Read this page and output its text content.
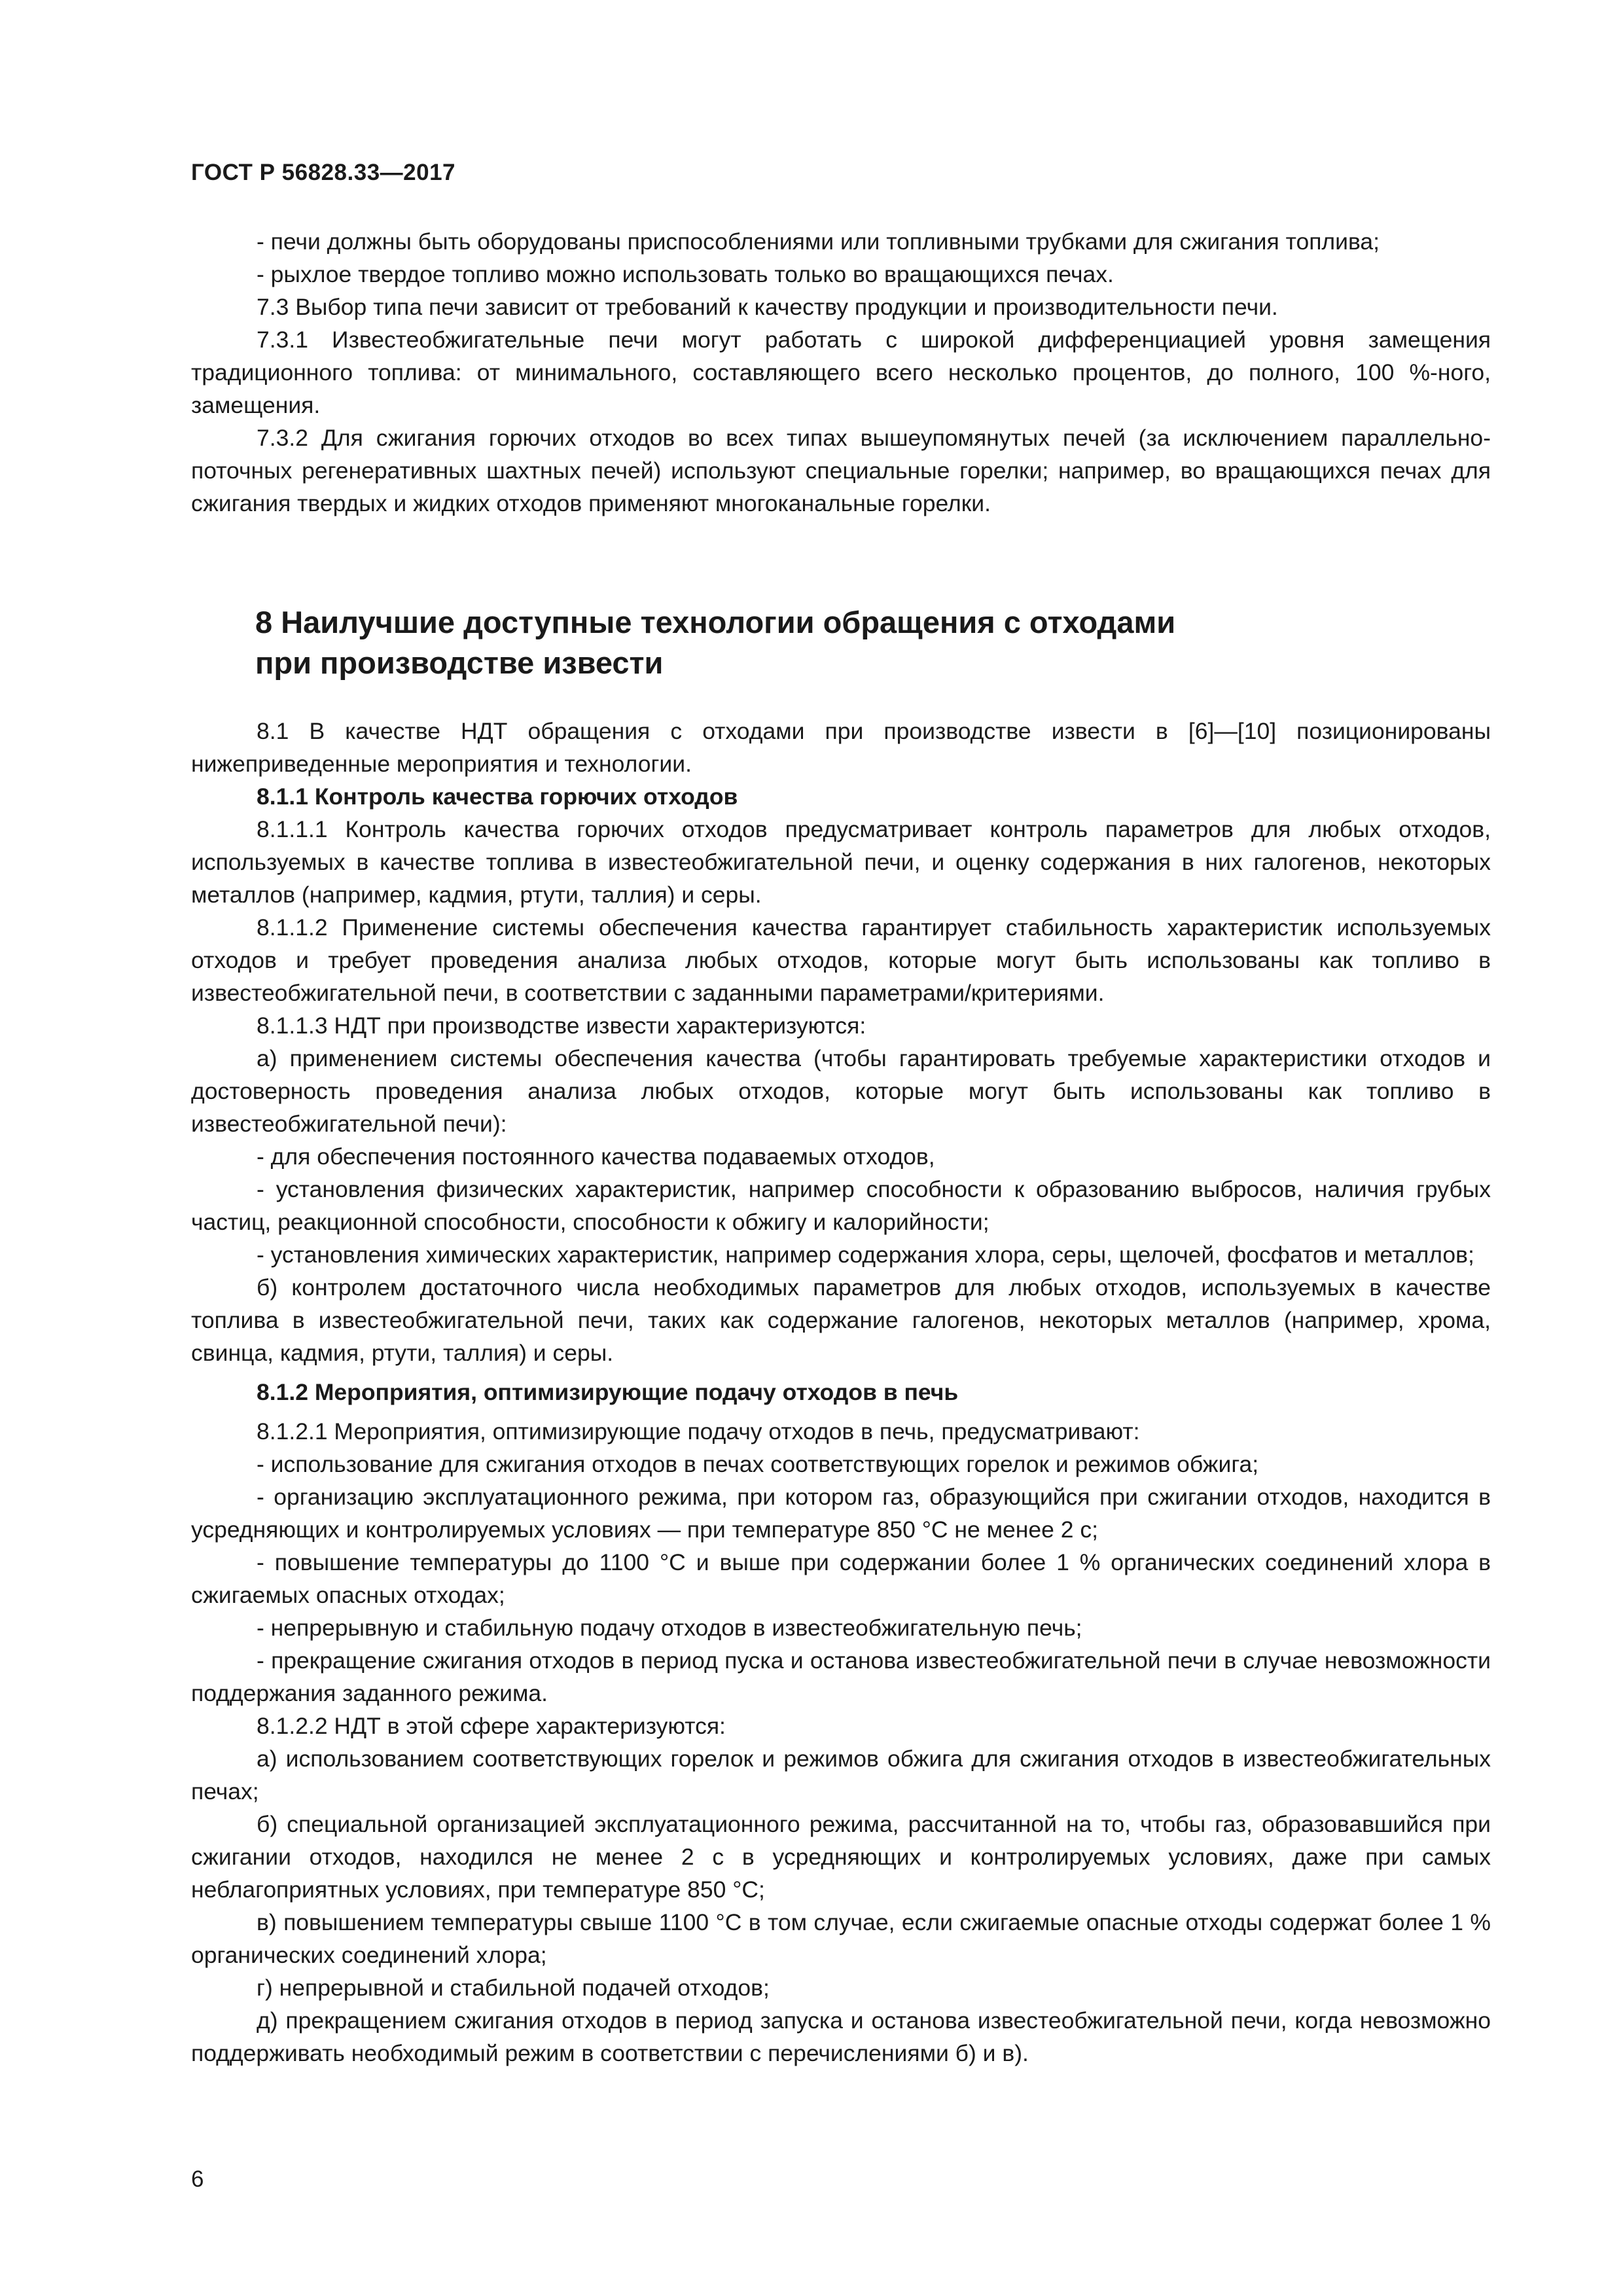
ГОСТ Р 56828.33—2017

- печи должны быть оборудованы приспособлениями или топливными трубками для сжигания топлива;

- рыхлое твердое топливо можно использовать только во вращающихся печах.

7.3 Выбор типа печи зависит от требований к качеству продукции и производительности печи.

7.3.1 Известеобжигательные печи могут работать с широкой дифференциацией уровня замещения традиционного топлива: от минимального, составляющего всего несколько процентов, до полного, 100 %-ного, замещения.

7.3.2 Для сжигания горючих отходов во всех типах вышеупомянутых печей (за исключением параллельно-поточных регенеративных шахтных печей) используют специальные горелки; например, во вращающихся печах для сжигания твердых и жидких отходов применяют многоканальные горелки.

8 Наилучшие доступные технологии обращения с отходами
при производстве извести

8.1 В качестве НДТ обращения с отходами при производстве извести в [6]—[10] позиционированы нижеприведенные мероприятия и технологии.

8.1.1 Контроль качества горючих отходов

8.1.1.1 Контроль качества горючих отходов предусматривает контроль параметров для любых отходов, используемых в качестве топлива в известеобжигательной печи, и оценку содержания в них галогенов, некоторых металлов (например, кадмия, ртути, таллия) и серы.

8.1.1.2 Применение системы обеспечения качества гарантирует стабильность характеристик используемых отходов и требует проведения анализа любых отходов, которые могут быть использованы как топливо в известеобжигательной печи, в соответствии с заданными параметрами/критериями.

8.1.1.3 НДТ при производстве извести характеризуются:

а) применением системы обеспечения качества (чтобы гарантировать требуемые характеристики отходов и достоверность проведения анализа любых отходов, которые могут быть использованы как топливо в известеобжигательной печи):

- для обеспечения постоянного качества подаваемых отходов,

- установления физических характеристик, например способности к образованию выбросов, наличия грубых частиц, реакционной способности, способности к обжигу и калорийности;

- установления химических характеристик, например содержания хлора, серы, щелочей, фосфатов и металлов;

б) контролем достаточного числа необходимых параметров для любых отходов, используемых в качестве топлива в известеобжигательной печи, таких как содержание галогенов, некоторых металлов (например, хрома, свинца, кадмия, ртути, таллия) и серы.

8.1.2 Мероприятия, оптимизирующие подачу отходов в печь

8.1.2.1 Мероприятия, оптимизирующие подачу отходов в печь, предусматривают:

- использование для сжигания отходов в печах соответствующих горелок и режимов обжига;

- организацию эксплуатационного режима, при котором газ, образующийся при сжигании отходов, находится в усредняющих и контролируемых условиях — при температуре 850 °С не менее 2 с;

- повышение температуры до 1100 °С и выше при содержании более 1 % органических соединений хлора в сжигаемых опасных отходах;

- непрерывную и стабильную подачу отходов в известеобжигательную печь;

- прекращение сжигания отходов в период пуска и останова известеобжигательной печи в случае невозможности поддержания заданного режима.

8.1.2.2 НДТ в этой сфере характеризуются:

а) использованием соответствующих горелок и режимов обжига для сжигания отходов в известеобжигательных печах;

б) специальной организацией эксплуатационного режима, рассчитанной на то, чтобы газ, образовавшийся при сжигании отходов, находился не менее 2 с в усредняющих и контролируемых условиях, даже при самых неблагоприятных условиях, при температуре 850 °С;

в) повышением температуры свыше 1100 °С в том случае, если сжигаемые опасные отходы содержат более 1 % органических соединений хлора;

г) непрерывной и стабильной подачей отходов;

д) прекращением сжигания отходов в период запуска и останова известеобжигательной печи, когда невозможно поддерживать необходимый режим в соответствии с перечислениями б) и в).

6
